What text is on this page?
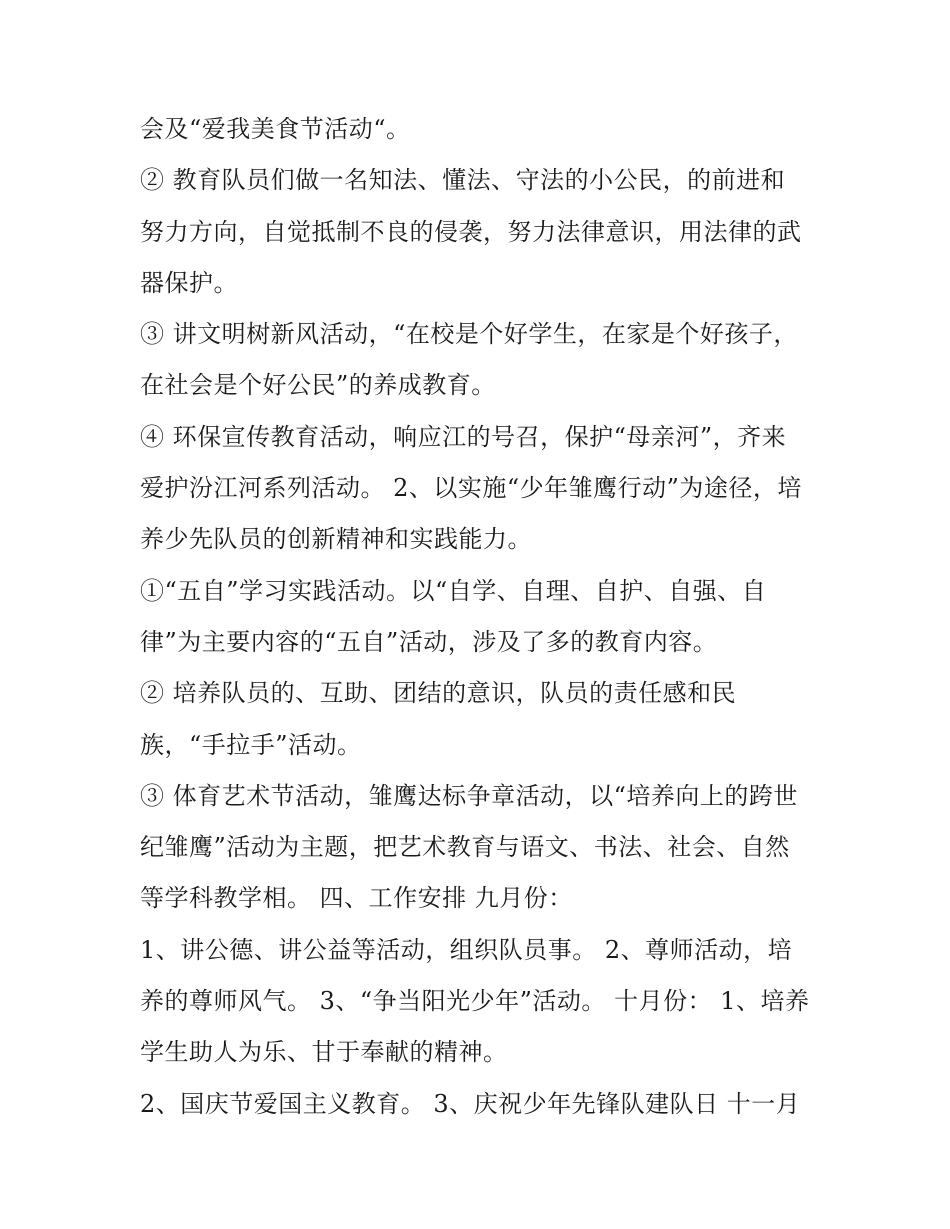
会及“爱我美食节活动“。
② 教育队员们做一名知法、懂法、守法的小公民，的前进和
努力方向，自觉抵制不良的侵袭，努力法律意识，用法律的武
器保护。
③ 讲文明树新风活动，“在校是个好学生，在家是个好孩子，
在社会是个好公民”的养成教育。
④ 环保宣传教育活动，响应江的号召，保护“母亲河”，齐来
爱护汾江河系列活动。 2、以实施“少年雏鹰行动”为途径，培
养少先队员的创新精神和实践能力。
①“五自”学习实践活动。以“自学、自理、自护、自强、自
律”为主要内容的“五自”活动，涉及了多的教育内容。
② 培养队员的、互助、团结的意识，队员的责任感和民
族，“手拉手”活动。
③ 体育艺术节活动，雏鹰达标争章活动，以“培养向上的跨世
纪雏鹰”活动为主题，把艺术教育与语文、书法、社会、自然
等学科教学相。 四、工作安排 九月份：
1、讲公德、讲公益等活动，组织队员事。 2、尊师活动，培
养的尊师风气。 3、“争当阳光少年”活动。 十月份： 1、培养
学生助人为乐、甘于奉献的精神。
2、国庆节爱国主义教育。 3、庆祝少年先锋队建队日 十一月
